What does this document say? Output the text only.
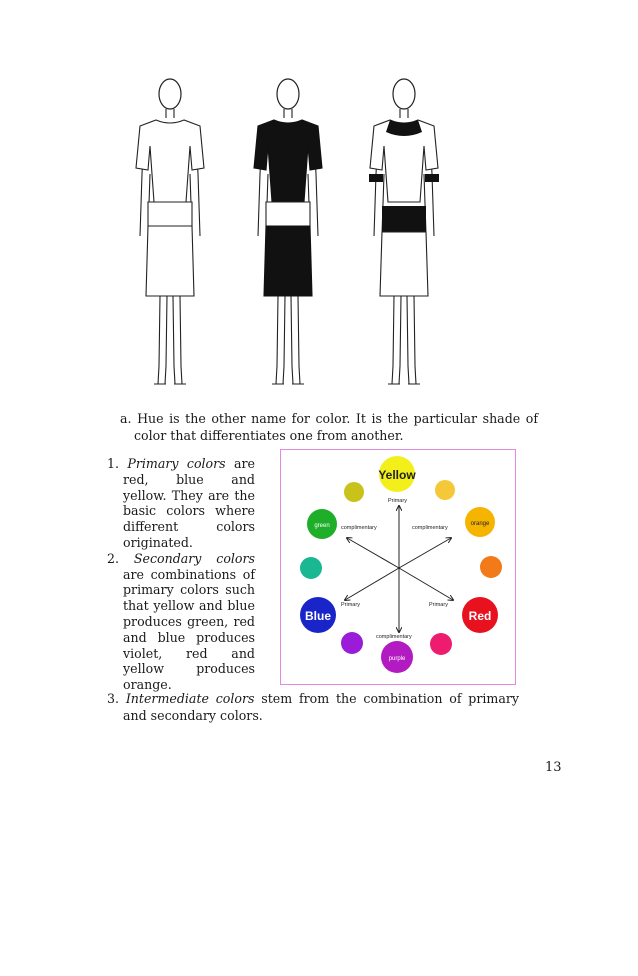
a. Hue is the other name for color. It is the particular shade of color that differentiates one from another.
1. Primary colors are red, blue and yellow. They are the basic colors where different colors originated.
2. Secondary colors are combinations of primary colors such that yellow and blue produces green, red and blue produces violet, red and yellow produces orange.
Yellow
Blue	Red
green	orange
purple
Primary
Primary	Primary
complimentary	complimentary
complimentary
3. Intermediate colors stem from the combination of primary and secondary colors.
13
